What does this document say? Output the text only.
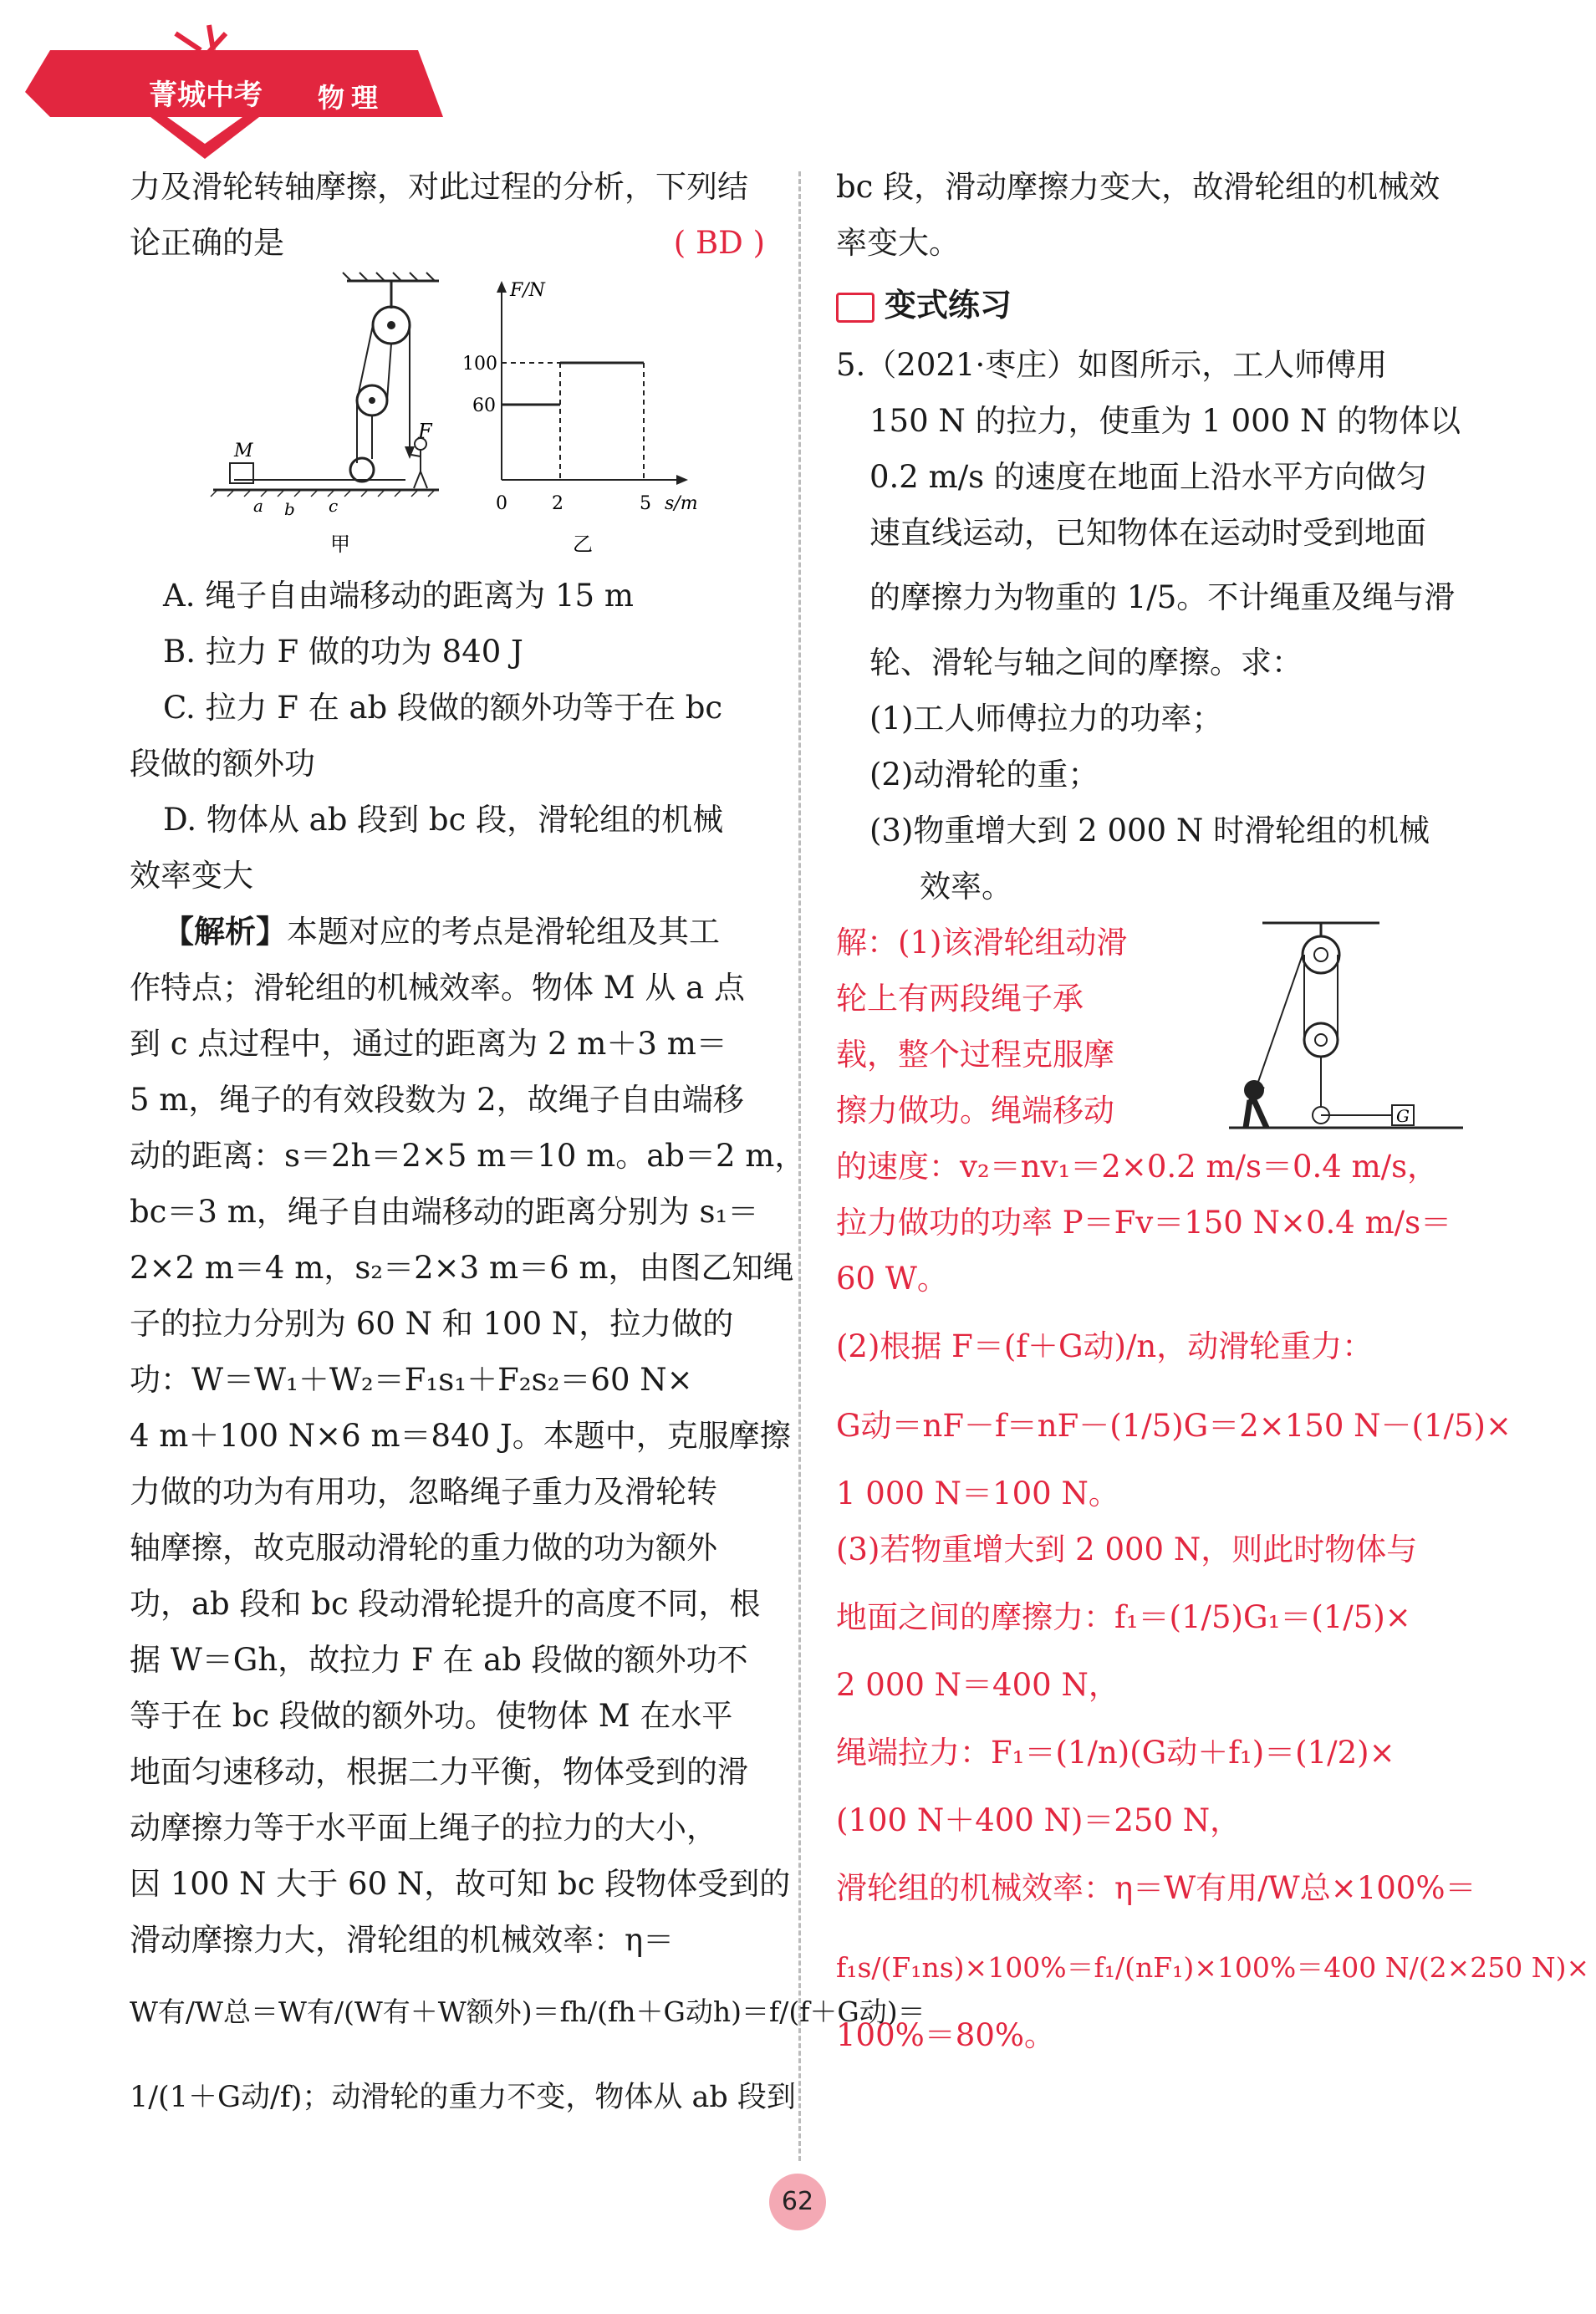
菁城中考 物理
力及滑轮转轴摩擦，对此过程的分析，下列结
论正确的是	( BD )
F
M
a b c
甲
F/N
s/m
100
60
0 2	5
乙
A. 绳子自由端移动的距离为 15 m
B. 拉力 F 做的功为 840 J
C. 拉力 F 在 ab 段做的额外功等于在 bc
段做的额外功
D. 物体从 ab 段到 bc 段，滑轮组的机械
效率变大
【解析】本题对应的考点是滑轮组及其工
作特点；滑轮组的机械效率。物体 M 从 a 点
到 c 点过程中，通过的距离为 2 m＋3 m＝
5 m，绳子的有效段数为 2，故绳子自由端移
动的距离：s＝2h＝2×5 m＝10 m。ab＝2 m，
bc＝3 m，绳子自由端移动的距离分别为 s₁＝
2×2 m＝4 m，s₂＝2×3 m＝6 m，由图乙知绳
子的拉力分别为 60 N 和 100 N，拉力做的
功：W＝W₁＋W₂＝F₁s₁＋F₂s₂＝60 N×
4 m＋100 N×6 m＝840 J。本题中，克服摩擦
力做的功为有用功，忽略绳子重力及滑轮转
轴摩擦，故克服动滑轮的重力做的功为额外
功，ab 段和 bc 段动滑轮提升的高度不同，根
据 W＝Gh，故拉力 F 在 ab 段做的额外功不
等于在 bc 段做的额外功。使物体 M 在水平
地面匀速移动，根据二力平衡，物体受到的滑
动摩擦力等于水平面上绳子的拉力的大小，
因 100 N 大于 60 N，故可知 bc 段物体受到的
滑动摩擦力大，滑轮组的机械效率：η＝
W有/W总＝W有/(W有＋W额外)＝fh/(fh＋G动h)＝f/(f＋G动)＝
1/(1＋G动/f)；动滑轮的重力不变，物体从 ab 段到
bc 段，滑动摩擦力变大，故滑轮组的机械效
率变大。
变式练习
5.（2021·枣庄）如图所示，工人师傅用
150 N 的拉力，使重为 1 000 N 的物体以
0.2 m/s 的速度在地面上沿水平方向做匀
速直线运动，已知物体在运动时受到地面
的摩擦力为物重的 1/5。不计绳重及绳与滑
轮、滑轮与轴之间的摩擦。求：
(1)工人师傅拉力的功率；
(2)动滑轮的重；
(3)物重增大到 2 000 N 时滑轮组的机械
效率。
G
解：(1)该滑轮组动滑
轮上有两段绳子承
载，整个过程克服摩
擦力做功。绳端移动
的速度：v₂＝nv₁＝2×0.2 m/s＝0.4 m/s，
拉力做功的功率 P＝Fv＝150 N×0.4 m/s＝
60 W。
(2)根据 F＝(f＋G动)/n，动滑轮重力：
G动＝nF－f＝nF－(1/5)G＝2×150 N－(1/5)×
1 000 N＝100 N。
(3)若物重增大到 2 000 N，则此时物体与
地面之间的摩擦力：f₁＝(1/5)G₁＝(1/5)×
2 000 N＝400 N，
绳端拉力：F₁＝(1/n)(G动＋f₁)＝(1/2)×
(100 N＋400 N)＝250 N，
滑轮组的机械效率：η＝W有用/W总×100%＝
f₁s/(F₁ns)×100%＝f₁/(nF₁)×100%＝400 N/(2×250 N)×
100%＝80%。
62
